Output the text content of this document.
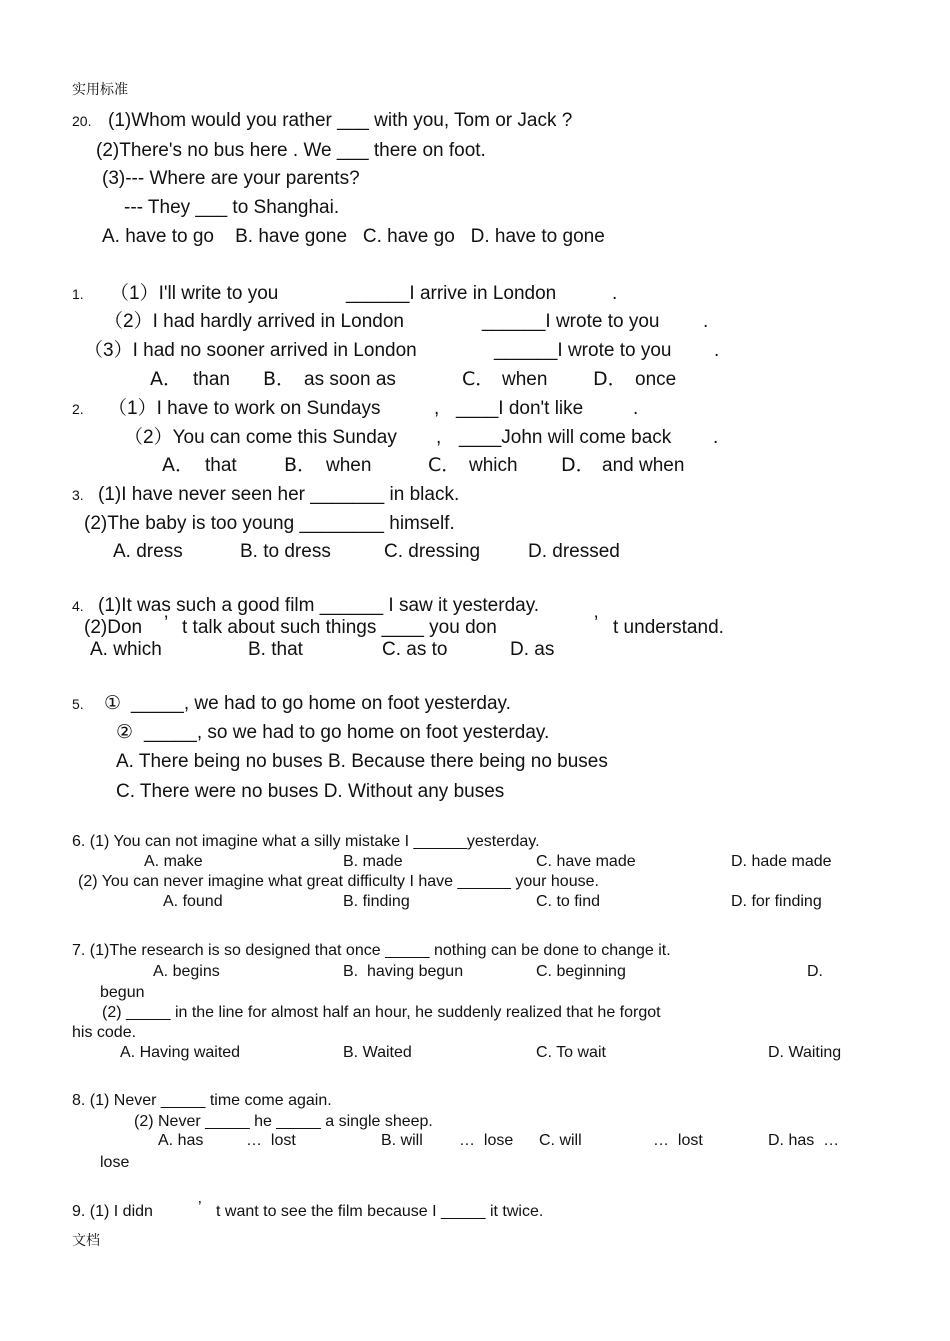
实用标准
20. (1)Whom would you rather ___ with you, Tom or Jack ?
(2)There's no bus here . We ___ there on foot.
(3)--- Where are your parents?
--- They ___ to Shanghai.
A. have to go    B. have gone   C. have go   D. have to gone
1. （1）I'll write to you	______I arrive in London	.
（2）I had hardly arrived in London	______I wrote to you .
（3）I had no sooner arrived in London	______I wrote to you .
A． than B． as soon as	C． when D． once
2. （1）I have to work on Sundays	, ____I don't like	.
（2）You can come this Sunday , ____John will come back .
A． that B． when	C． which D． and when
3. (1)I have never seen her _______ in black.
(2)The baby is too young ________ himself.
A. dress	B. to dress	C. dressing	D. dressed
4. (1)It was such a good film ______ I saw it yesterday.
(2)Don ’ t talk about such things ____ you don	’ t understand.
A. which	B. that	C. as to	D. as
5. ① _____, we had to go home on foot yesterday.
② _____, so we had to go home on foot yesterday.
A. There being no buses B. Because there being no buses
C. There were no buses D. Without any buses
6. (1) You can not imagine what a silly mistake I ______yesterday.
A. make	B. made	C. have made	D. hade made
(2) You can never imagine what great difficulty I have ______ your house.
A. found	B. finding	C. to find	D. for finding
7. (1)The research is so designed that once _____ nothing can be done to change it.
A. begins	B.  having begun	C. beginning	D.
begun
(2) _____ in the line for almost half an hour, he suddenly realized that he forgot
his code.
A. Having waited	B. Waited	C. To wait	D. Waiting
8. (1) Never _____ time come again.
(2) Never _____ he _____ a single sheep.
A. has	…  lost	B. will …  lose C. will	…  lost	D. has  …
lose
9. (1) I didn	’ t want to see the film because I _____ it twice.
文档
